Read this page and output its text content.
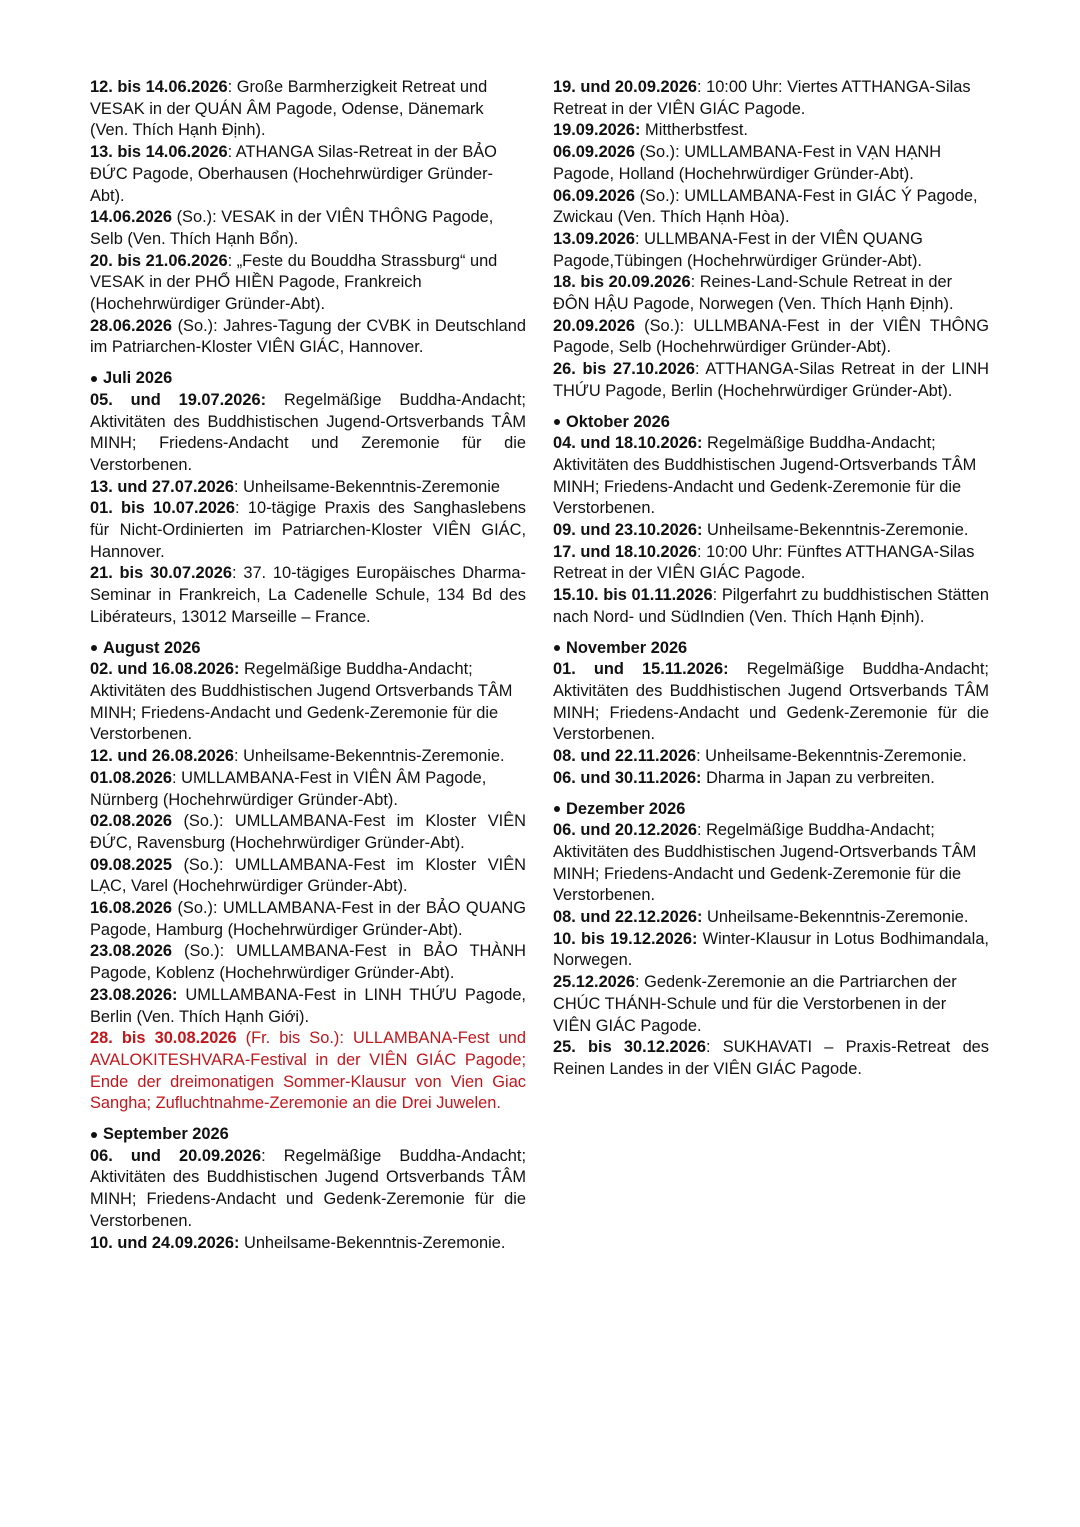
12. bis 14.06.2026: Große Barmherzigkeit Retreat und VESAK in der QUÁN ÂM Pagode, Odense, Dänemark (Ven. Thích Hạnh Định).

13. bis 14.06.2026: ATHANGA Silas-Retreat in der BẢO ĐỨC Pagode, Oberhausen (Hochehrwürdiger Gründer-Abt).

14.06.2026 (So.): VESAK in der VIÊN THÔNG Pagode, Selb (Ven. Thích Hạnh Bổn).

20. bis 21.06.2026: „Feste du Bouddha Strassburg“ und VESAK in der PHỔ HIỀN Pagode, Frankreich (Hochehrwürdiger Gründer-Abt).

28.06.2026 (So.): Jahres-Tagung der CVBK in Deutschland im Patriarchen-Kloster VIÊN GIÁC, Hannover.

Juli 2026

05. und 19.07.2026: Regelmäßige Buddha-Andacht; Aktivitäten des Buddhistischen Jugend-Ortsverbands TÂM MINH; Friedens-Andacht und Zeremonie für die Verstorbenen.

13. und 27.07.2026: Unheilsame-Bekenntnis-Zeremonie

01. bis 10.07.2026: 10-tägige Praxis des Sanghaslebens für Nicht-Ordinierten im Patriarchen-Kloster VIÊN GIÁC, Hannover.

21. bis 30.07.2026: 37. 10-tägiges Europäisches Dharma-Seminar in Frankreich, La Cadenelle Schule, 134 Bd des Libérateurs, 13012 Marseille – France.

August 2026

02. und 16.08.2026: Regelmäßige Buddha-Andacht; Aktivitäten des Buddhistischen Jugend Ortsverbands TÂM MINH; Friedens-Andacht und Gedenk-Zeremonie für die Verstorbenen.

12. und 26.08.2026: Unheilsame-Bekenntnis-Zeremonie.

01.08.2026: UMLLAMBANA-Fest in VIÊN ÂM Pagode, Nürnberg (Hochehrwürdiger Gründer-Abt).

02.08.2026 (So.): UMLLAMBANA-Fest im Kloster VIÊN ĐỨC, Ravensburg (Hochehrwürdiger Gründer-Abt).

09.08.2025 (So.): UMLLAMBANA-Fest im Kloster VIÊN LẠC, Varel (Hochehrwürdiger Gründer-Abt).

16.08.2026 (So.): UMLLAMBANA-Fest in der BẢO QUANG Pagode, Hamburg (Hochehrwürdiger Gründer-Abt).

23.08.2026 (So.): UMLLAMBANA-Fest in BẢO THÀNH Pagode, Koblenz (Hochehrwürdiger Gründer-Abt).

23.08.2026: UMLLAMBANA-Fest in LINH THỨU Pagode, Berlin (Ven. Thích Hạnh Giới).

28. bis 30.08.2026 (Fr. bis So.): ULLAMBANA-Fest und AVALOKITESHVARA-Festival in der VIÊN GIÁC Pagode; Ende der dreimonatigen Sommer-Klausur von Vien Giac Sangha; Zufluchtnahme-Zeremonie an die Drei Juwelen.

September 2026

06. und 20.09.2026: Regelmäßige Buddha-Andacht; Aktivitäten des Buddhistischen Jugend Ortsverbands TÂM MINH; Friedens-Andacht und Gedenk-Zeremonie für die Verstorbenen.

10. und 24.09.2026: Unheilsame-Bekenntnis-Zeremonie.

19. und 20.09.2026: 10:00 Uhr: Viertes ATTHANGA-Silas Retreat in der VIÊN GIÁC Pagode.

19.09.2026: Mittherbstfest.

06.09.2026 (So.): UMLLAMBANA-Fest in VẠN HẠNH Pagode, Holland (Hochehrwürdiger Gründer-Abt).

06.09.2026 (So.): UMLLAMBANA-Fest in GIÁC Ý Pagode, Zwickau (Ven. Thích Hạnh Hòa).

13.09.2026: ULLMBANA-Fest in der VIÊN QUANG Pagode,Tübingen (Hochehrwürdiger Gründer-Abt).

18. bis 20.09.2026: Reines-Land-Schule Retreat in der ĐÔN HẬU Pagode, Norwegen (Ven. Thích Hạnh Định).

20.09.2026 (So.): ULLMBANA-Fest in der VIÊN THÔNG Pagode, Selb (Hochehrwürdiger Gründer-Abt).

26. bis 27.10.2026: ATTHANGA-Silas Retreat in der LINH THỨU Pagode, Berlin (Hochehrwürdiger Gründer-Abt).

Oktober 2026

04. und 18.10.2026: Regelmäßige Buddha-Andacht; Aktivitäten des Buddhistischen Jugend-Ortsverbands TÂM MINH; Friedens-Andacht und Gedenk-Zeremonie für die Verstorbenen.

09. und 23.10.2026: Unheilsame-Bekenntnis-Zeremonie.

17. und 18.10.2026: 10:00 Uhr: Fünftes ATTHANGA-Silas Retreat in der VIÊN GIÁC Pagode.

15.10. bis 01.11.2026: Pilgerfahrt zu buddhistischen Stätten nach Nord- und SüdIndien (Ven. Thích Hạnh Định).

November 2026

01. und 15.11.2026: Regelmäßige Buddha-Andacht; Aktivitäten des Buddhistischen Jugend Ortsverbands TÂM MINH; Friedens-Andacht und Gedenk-Zeremonie für die Verstorbenen.

08. und 22.11.2026: Unheilsame-Bekenntnis-Zeremonie.

06. und 30.11.2026: Dharma in Japan zu verbreiten.

Dezember 2026

06. und 20.12.2026: Regelmäßige Buddha-Andacht; Aktivitäten des Buddhistischen Jugend-Ortsverbands TÂM MINH; Friedens-Andacht und Gedenk-Zeremonie für die Verstorbenen.

08. und 22.12.2026: Unheilsame-Bekenntnis-Zeremonie.

10. bis 19.12.2026: Winter-Klausur in Lotus Bodhimandala, Norwegen.

25.12.2026: Gedenk-Zeremonie an die Partriarchen der CHÚC THÁNH-Schule und für die Verstorbenen in der VIÊN GIÁC Pagode.

25. bis 30.12.2026: SUKHAVATI – Praxis-Retreat des Reinen Landes in der VIÊN GIÁC Pagode.
